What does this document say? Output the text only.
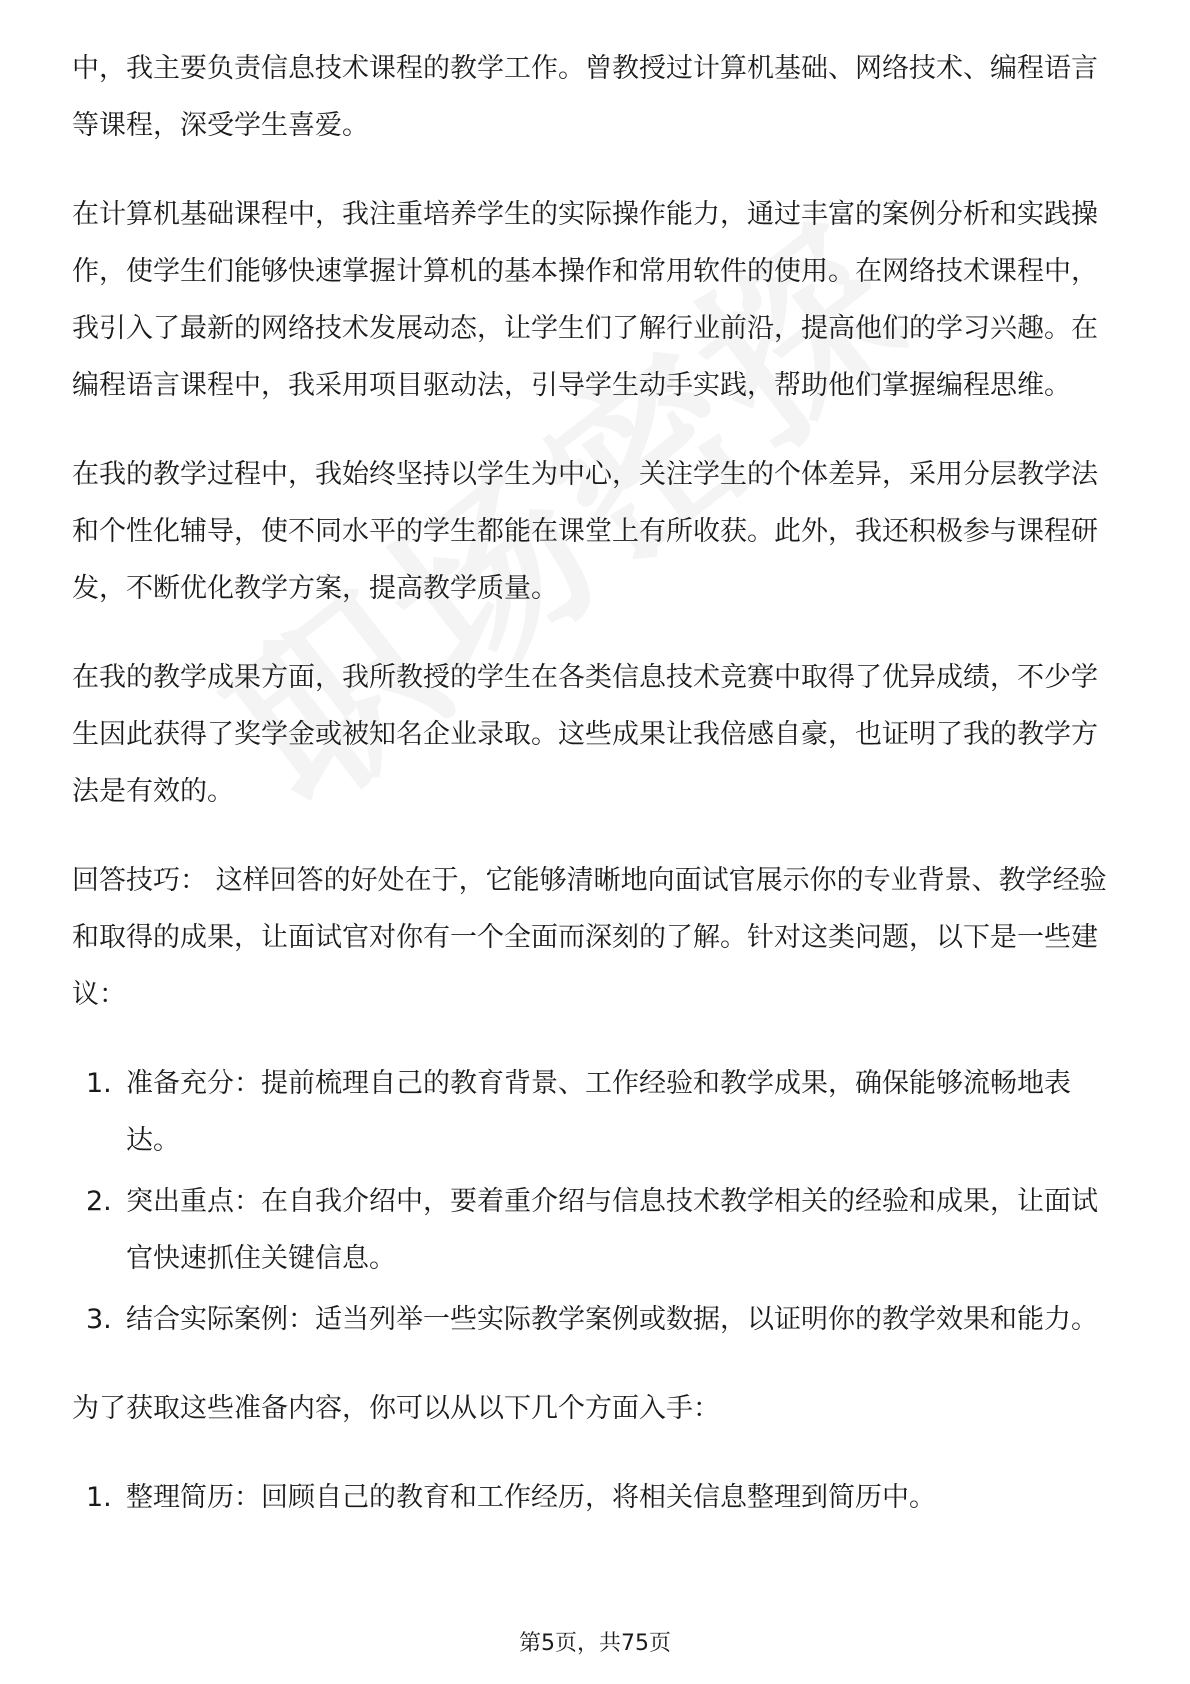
中，我主要负责信息技术课程的教学工作。曾教授过计算机基础、网络技术、编程语言等课程，深受学生喜爱。

在计算机基础课程中，我注重培养学生的实际操作能力，通过丰富的案例分析和实践操作，使学生们能够快速掌握计算机的基本操作和常用软件的使用。在网络技术课程中，我引入了最新的网络技术发展动态，让学生们了解行业前沿，提高他们的学习兴趣。在编程语言课程中，我采用项目驱动法，引导学生动手实践，帮助他们掌握编程思维。

在我的教学过程中，我始终坚持以学生为中心，关注学生的个体差异，采用分层教学法和个性化辅导，使不同水平的学生都能在课堂上有所收获。此外，我还积极参与课程研发，不断优化教学方案，提高教学质量。

在我的教学成果方面，我所教授的学生在各类信息技术竞赛中取得了优异成绩，不少学生因此获得了奖学金或被知名企业录取。这些成果让我倍感自豪，也证明了我的教学方法是有效的。

回答技巧： 这样回答的好处在于，它能够清晰地向面试官展示你的专业背景、教学经验和取得的成果，让面试官对你有一个全面而深刻的了解。针对这类问题，以下是一些建议：

1. 准备充分：提前梳理自己的教育背景、工作经验和教学成果，确保能够流畅地表达。
2. 突出重点：在自我介绍中，要着重介绍与信息技术教学相关的经验和成果，让面试官快速抓住关键信息。
3. 结合实际案例：适当列举一些实际教学案例或数据，以证明你的教学效果和能力。

为了获取这些准备内容，你可以从以下几个方面入手：

1. 整理简历：回顾自己的教育和工作经历，将相关信息整理到简历中。
第5页，共75页
